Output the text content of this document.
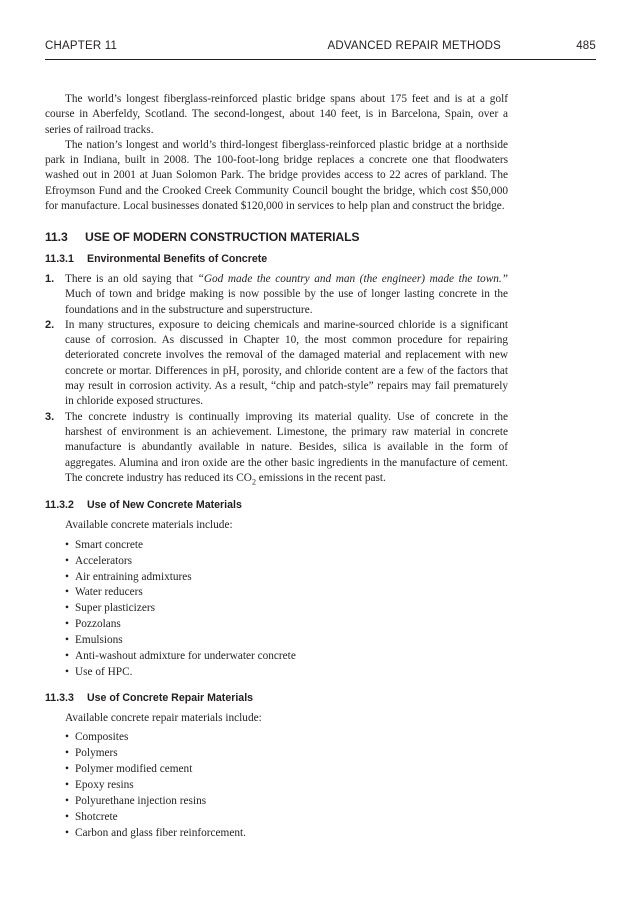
CHAPTER 11	ADVANCED REPAIR METHODS	485

The world’s longest fiberglass-reinforced plastic bridge spans about 175 feet and is at a golf course in Aberfeldy, Scotland. The second-longest, about 140 feet, is in Barcelona, Spain, over a series of railroad tracks.

The nation’s longest and world’s third-longest fiberglass-reinforced plastic bridge at a northside park in Indiana, built in 2008. The 100-foot-long bridge replaces a concrete one that floodwaters washed out in 2001 at Juan Solomon Park. The bridge provides access to 22 acres of parkland. The Efroymson Fund and the Crooked Creek Community Council bought the bridge, which cost $50,000 for manufacture. Local businesses donated $120,000 in services to help plan and construct the bridge.

11.3 USE OF MODERN CONSTRUCTION MATERIALS
11.3.1 Environmental Benefits of Concrete
1. There is an old saying that “God made the country and man (the engineer) made the town.” Much of town and bridge making is now possible by the use of longer lasting concrete in the foundations and in the substructure and superstructure.
2. In many structures, exposure to deicing chemicals and marine-sourced chloride is a significant cause of corrosion. As discussed in Chapter 10, the most common procedure for repairing deteriorated concrete involves the removal of the damaged material and replacement with new concrete or mortar. Differences in pH, porosity, and chloride content are a few of the factors that may result in corrosion activity. As a result, “chip and patch-style” repairs may fail prematurely in chloride exposed structures.
3. The concrete industry is continually improving its material quality. Use of concrete in the harshest of environment is an achievement. Limestone, the primary raw material in concrete manufacture is abundantly available in nature. Besides, silica is available in the form of aggregates. Alumina and iron oxide are the other basic ingredients in the manufacture of cement. The concrete industry has reduced its $CO_2$ emissions in the recent past.
11.3.2 Use of New Concrete Materials
Available concrete materials include:
• Smart concrete
• Accelerators
• Air entraining admixtures
• Water reducers
• Super plasticizers
• Pozzolans
• Emulsions
• Anti-washout admixture for underwater concrete
• Use of HPC.
11.3.3 Use of Concrete Repair Materials
Available concrete repair materials include:
• Composites
• Polymers
• Polymer modified cement
• Epoxy resins
• Polyurethane injection resins
• Shotcrete
• Carbon and glass fiber reinforcement.
